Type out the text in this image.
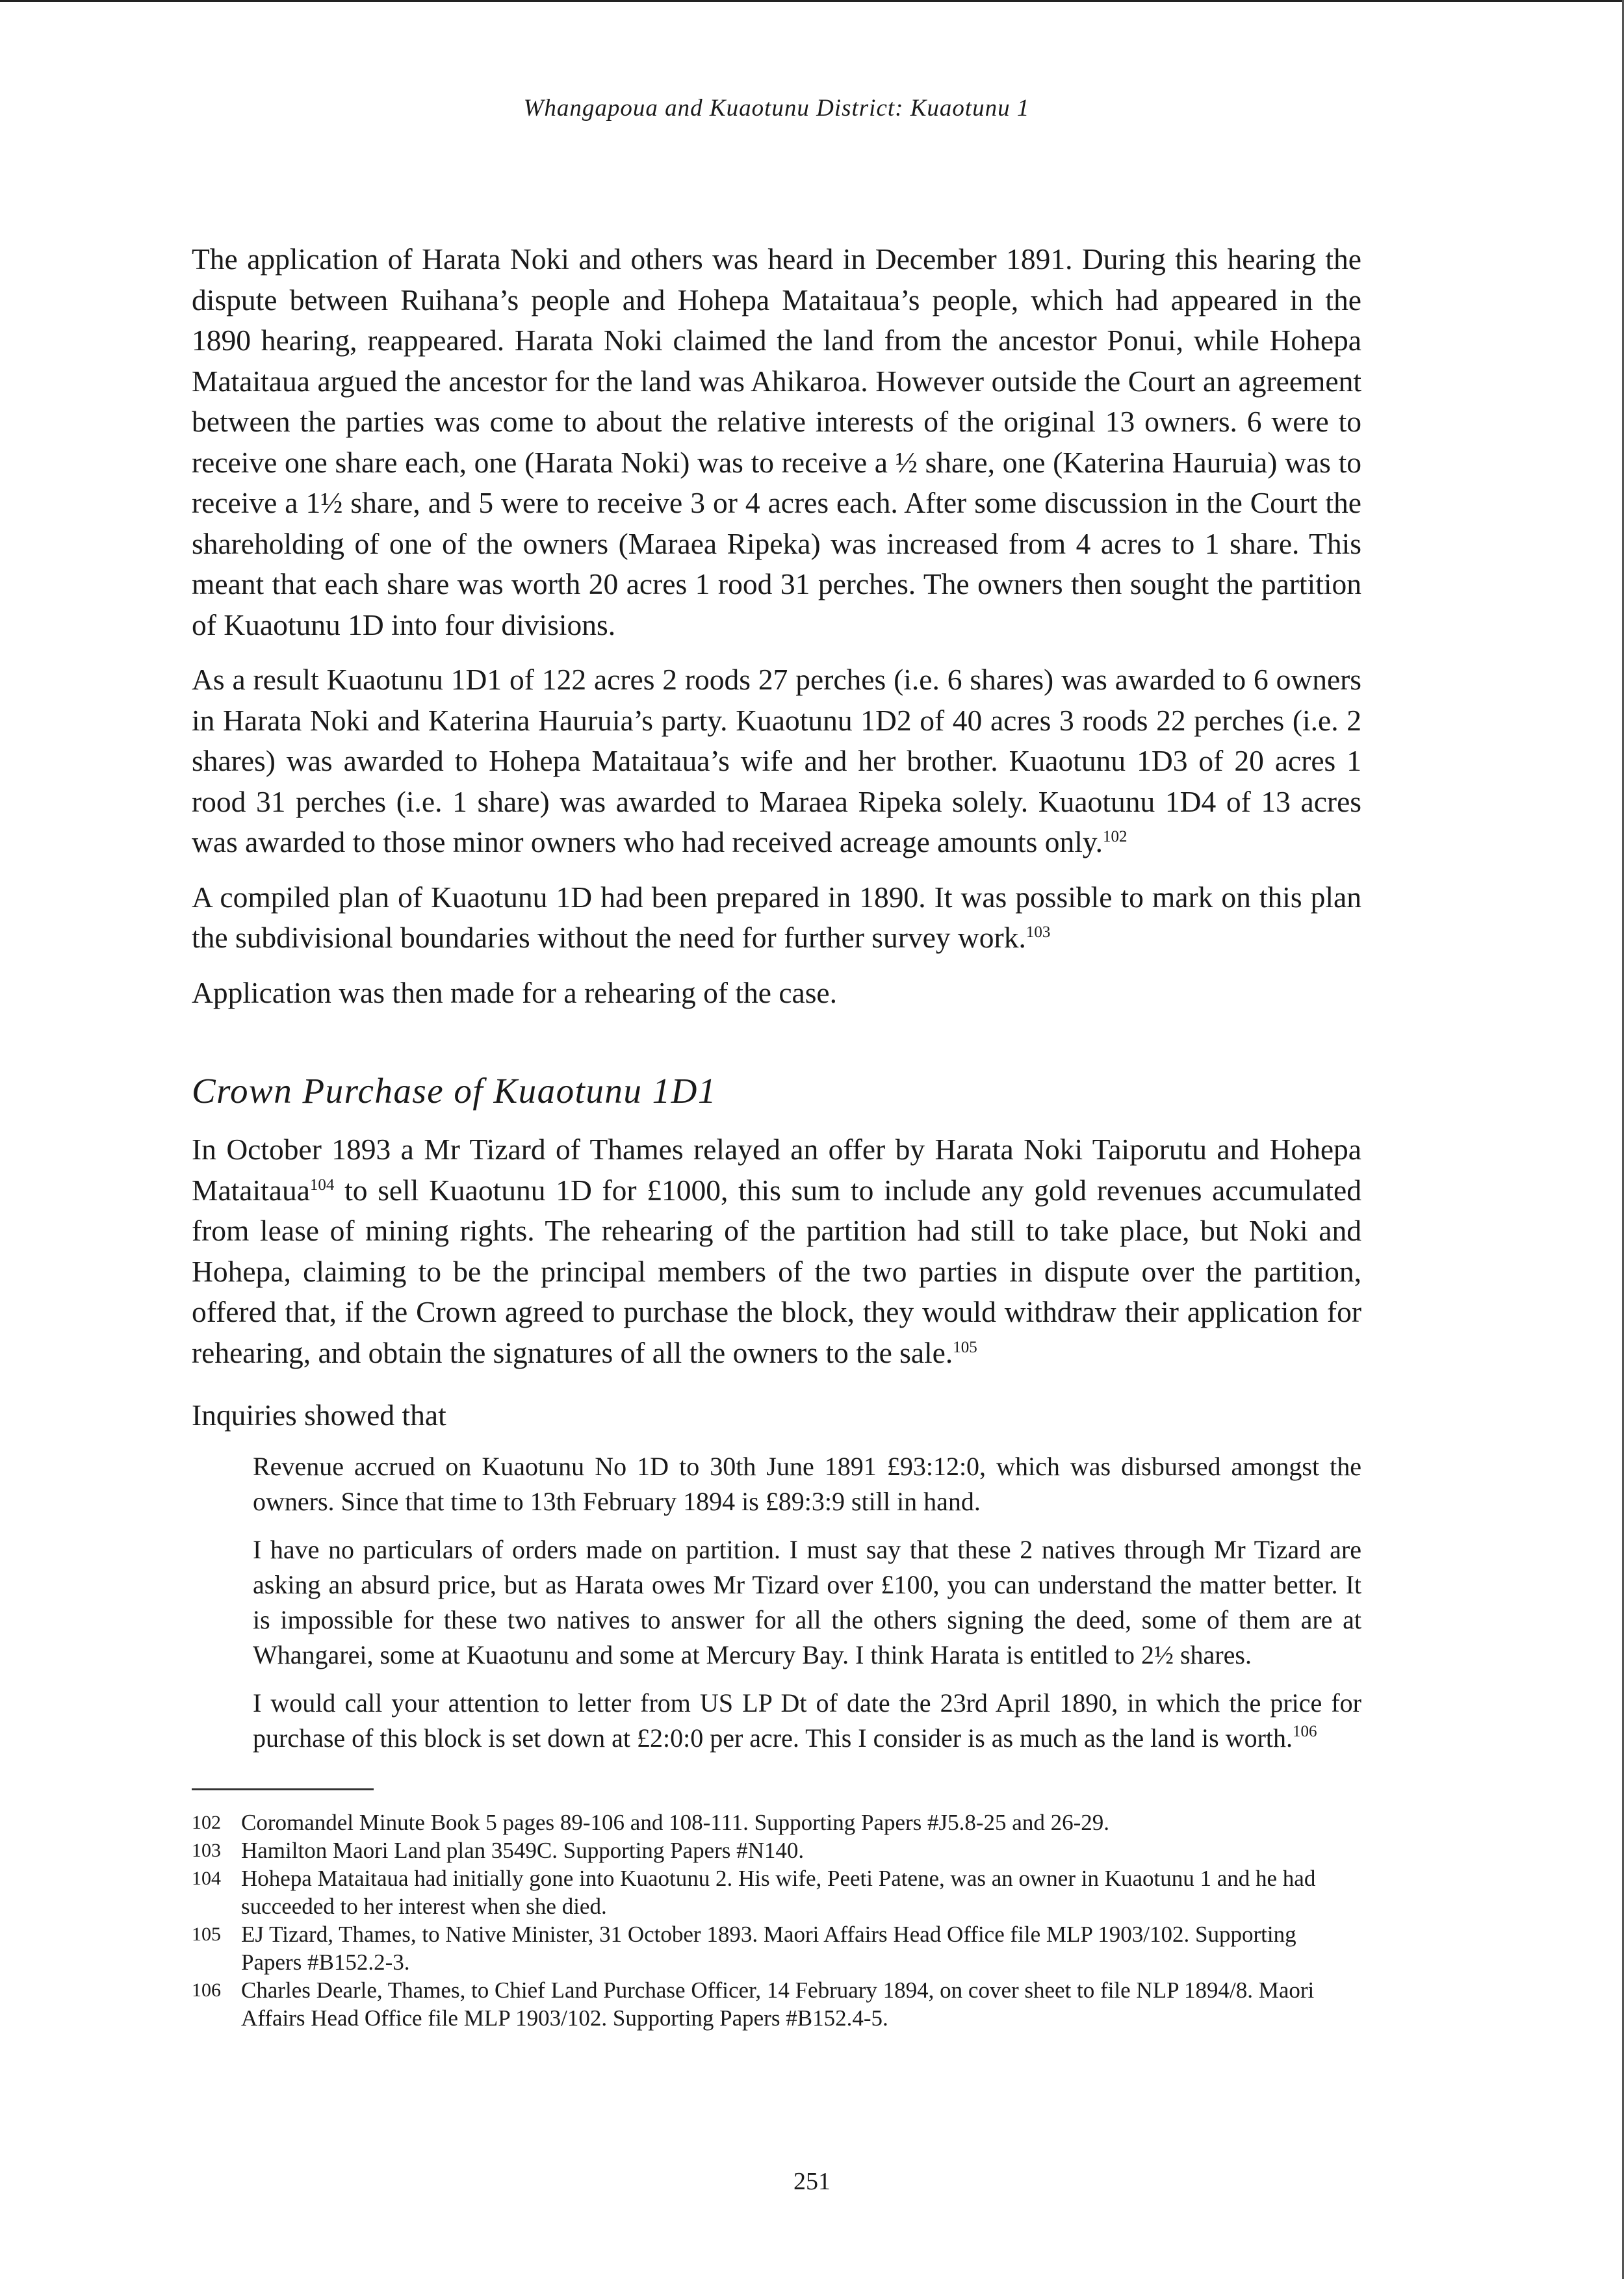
Whangapoua and Kuaotunu District: Kuaotunu 1

The application of Harata Noki and others was heard in December 1891. During this hearing the dispute between Ruihana’s people and Hohepa Mataitaua’s people, which had appeared in the 1890 hearing, reappeared. Harata Noki claimed the land from the ancestor Ponui, while Hohepa Mataitaua argued the ancestor for the land was Ahikaroa. However outside the Court an agreement between the parties was come to about the relative interests of the original 13 owners. 6 were to receive one share each, one (Harata Noki) was to receive a ½ share, one (Katerina Hauruia) was to receive a 1½ share, and 5 were to receive 3 or 4 acres each. After some discussion in the Court the shareholding of one of the owners (Maraea Ripeka) was increased from 4 acres to 1 share. This meant that each share was worth 20 acres 1 rood 31 perches. The owners then sought the partition of Kuaotunu 1D into four divisions.

As a result Kuaotunu 1D1 of 122 acres 2 roods 27 perches (i.e. 6 shares) was awarded to 6 owners in Harata Noki and Katerina Hauruia’s party. Kuaotunu 1D2 of 40 acres 3 roods 22 perches (i.e. 2 shares) was awarded to Hohepa Mataitaua’s wife and her brother. Kuaotunu 1D3 of 20 acres 1 rood 31 perches (i.e. 1 share) was awarded to Maraea Ripeka solely. Kuaotunu 1D4 of 13 acres was awarded to those minor owners who had received acreage amounts only.$^{102}$

A compiled plan of Kuaotunu 1D had been prepared in 1890. It was possible to mark on this plan the subdivisional boundaries without the need for further survey work.$^{103}$

Application was then made for a rehearing of the case.

Crown Purchase of Kuaotunu 1D1

In October 1893 a Mr Tizard of Thames relayed an offer by Harata Noki Taiporutu and Hohepa Mataitaua$^{104}$ to sell Kuaotunu 1D for £1000, this sum to include any gold revenues accumulated from lease of mining rights. The rehearing of the partition had still to take place, but Noki and Hohepa, claiming to be the principal members of the two parties in dispute over the partition, offered that, if the Crown agreed to purchase the block, they would withdraw their application for rehearing, and obtain the signatures of all the owners to the sale.$^{105}$

Inquiries showed that

Revenue accrued on Kuaotunu No 1D to 30th June 1891 £93:12:0, which was disbursed amongst the owners. Since that time to 13th February 1894 is £89:3:9 still in hand.

I have no particulars of orders made on partition. I must say that these 2 natives through Mr Tizard are asking an absurd price, but as Harata owes Mr Tizard over £100, you can understand the matter better. It is impossible for these two natives to answer for all the others signing the deed, some of them are at Whangarei, some at Kuaotunu and some at Mercury Bay. I think Harata is entitled to 2½ shares.

I would call your attention to letter from US LP Dt of date the 23rd April 1890, in which the price for purchase of this block is set down at £2:0:0 per acre. This I consider is as much as the land is worth.$^{106}$

102 Coromandel Minute Book 5 pages 89-106 and 108-111. Supporting Papers #J5.8-25 and 26-29.
103 Hamilton Maori Land plan 3549C. Supporting Papers #N140.
104 Hohepa Mataitaua had initially gone into Kuaotunu 2. His wife, Peeti Patene, was an owner in Kuaotunu 1 and he had succeeded to her interest when she died.
105 EJ Tizard, Thames, to Native Minister, 31 October 1893. Maori Affairs Head Office file MLP 1903/102. Supporting Papers #B152.2-3.
106 Charles Dearle, Thames, to Chief Land Purchase Officer, 14 February 1894, on cover sheet to file NLP 1894/8. Maori Affairs Head Office file MLP 1903/102. Supporting Papers #B152.4-5.
251
